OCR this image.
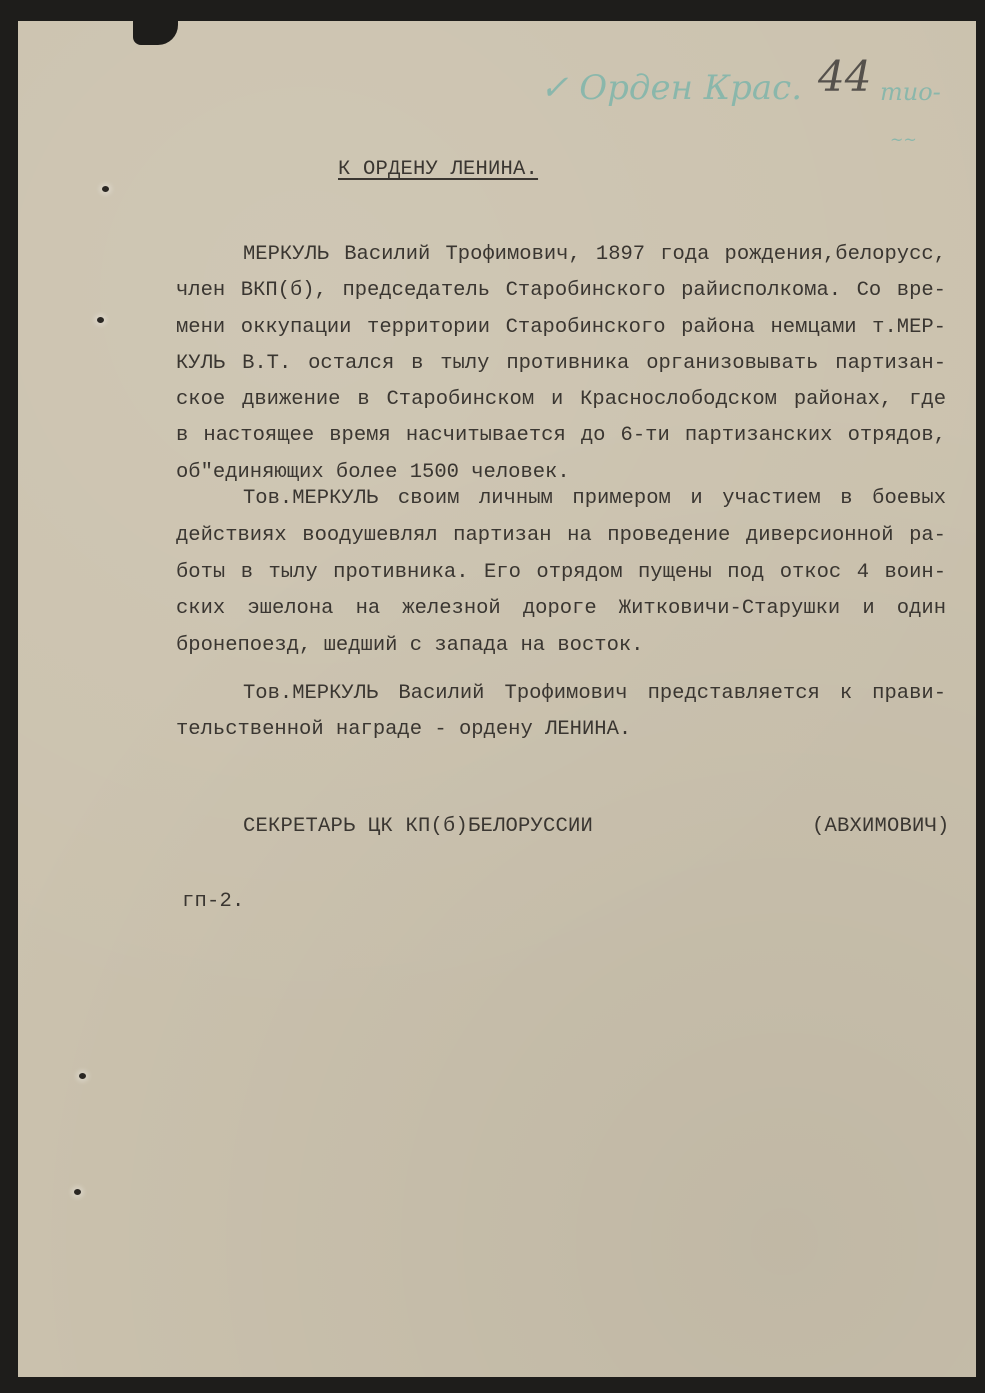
✓ Орден Крас. 44 тио-
~~
К ОРДЕНУ ЛЕНИНА.
МЕРКУЛЬ Василий Трофимович, 1897 года рождения,белорусс,
член ВКП(б), председатель Старобинского райисполкома. Со вре-
мени оккупации территории Старобинского района немцами т.МЕР-
КУЛЬ В.Т. остался в тылу противника организовывать партизан-
ское движение в Старобинском и Краснослободском районах, где
в настоящее время насчитывается до 6-ти партизанских отрядов,
об"единяющих более 1500 человек.
Тов.МЕРКУЛЬ своим личным примером и участием в боевых
действиях воодушевлял партизан на проведение диверсионной ра-
боты в тылу противника. Его отрядом пущены под откос 4 воин-
ских эшелона на железной дороге Житковичи-Старушки и один
бронепоезд, шедший с запада на восток.
Тов.МЕРКУЛЬ Василий Трофимович представляется к прави-
тельственной награде - ордену ЛЕНИНА.
СЕКРЕТАРЬ ЦК КП(б)БЕЛОРУССИИ	(АВХИМОВИЧ)
гп-2.
